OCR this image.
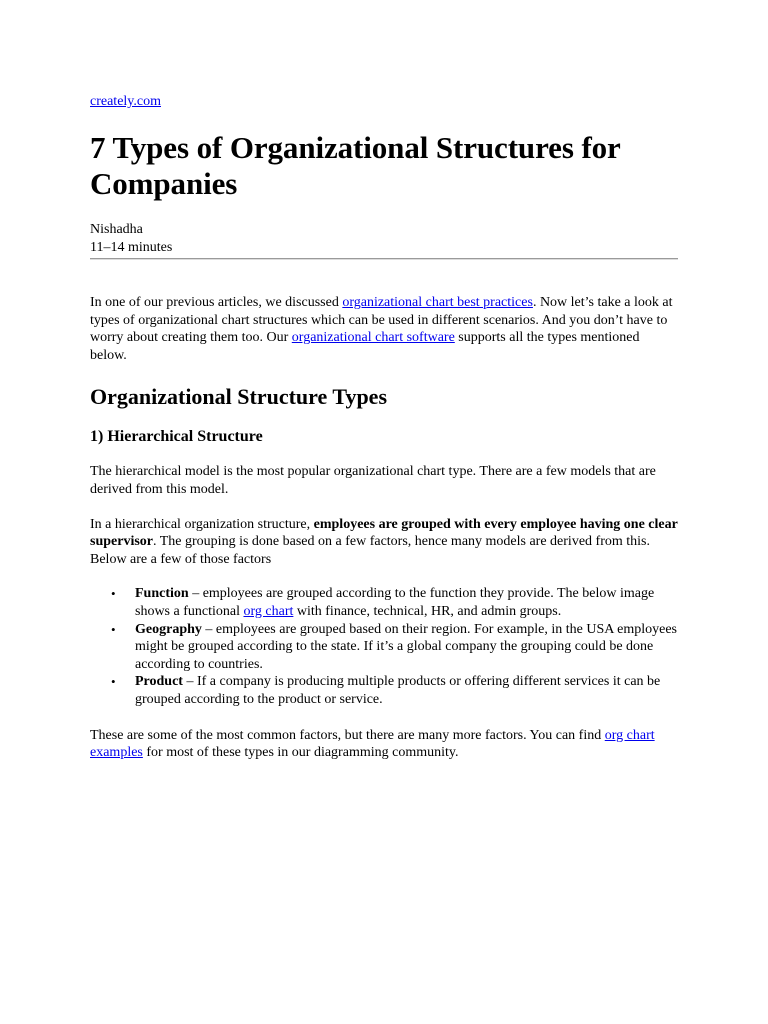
creately.com
7 Types of Organizational Structures for Companies
Nishadha
11–14 minutes

In one of our previous articles, we discussed organizational chart best practices. Now let’s take a look at types of organizational chart structures which can be used in different scenarios. And you don’t have to worry about creating them too. Our organizational chart software supports all the types mentioned below.

Organizational Structure Types
1) Hierarchical Structure

The hierarchical model is the most popular organizational chart type. There are a few models that are derived from this model.

In a hierarchical organization structure, employees are grouped with every employee having one clear supervisor. The grouping is done based on a few factors, hence many models are derived from this. Below are a few of those factors

• Function – employees are grouped according to the function they provide. The below image shows a functional org chart with finance, technical, HR, and admin groups.
• Geography – employees are grouped based on their region. For example, in the USA employees might be grouped according to the state. If it’s a global company the grouping could be done according to countries.
• Product – If a company is producing multiple products or offering different services it can be grouped according to the product or service.

These are some of the most common factors, but there are many more factors. You can find org chart examples for most of these types in our diagramming community.
